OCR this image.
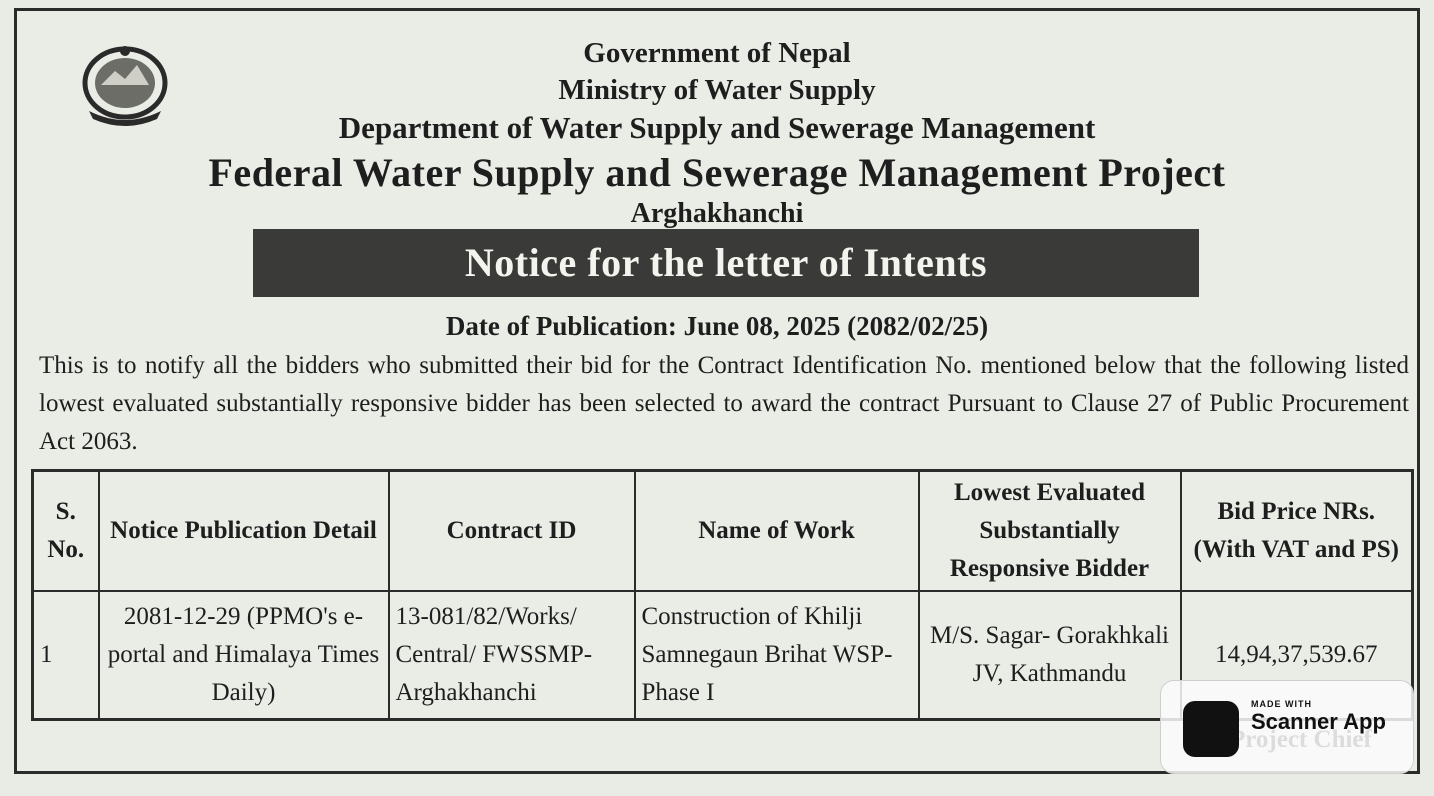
Government of Nepal
Ministry of Water Supply
Department of Water Supply and Sewerage Management
Federal Water Supply and Sewerage Management Project
Arghakhanchi
Notice for the letter of Intents
Date of Publication: June 08, 2025 (2082/02/25)
This is to notify all the bidders who submitted their bid for the Contract Identification No. mentioned below that the following listed lowest evaluated substantially responsive bidder has been selected to award the contract Pursuant to Clause 27 of Public Procurement Act 2063.
S. No.	Notice Publication Detail	Contract ID	Name of Work	Lowest Evaluated Substantially Responsive Bidder	Bid Price NRs. (With VAT and PS)
1	2081-12-29 (PPMO's e-portal and Himalaya Times Daily)	13-081/82/Works/ Central/ FWSSMP- Arghakhanchi	Construction of Khilji Samnegaun Brihat WSP-Phase I	M/S. Sagar- Gorakhkali JV, Kathmandu	14,94,37,539.67
MADE WITH
Scanner App
